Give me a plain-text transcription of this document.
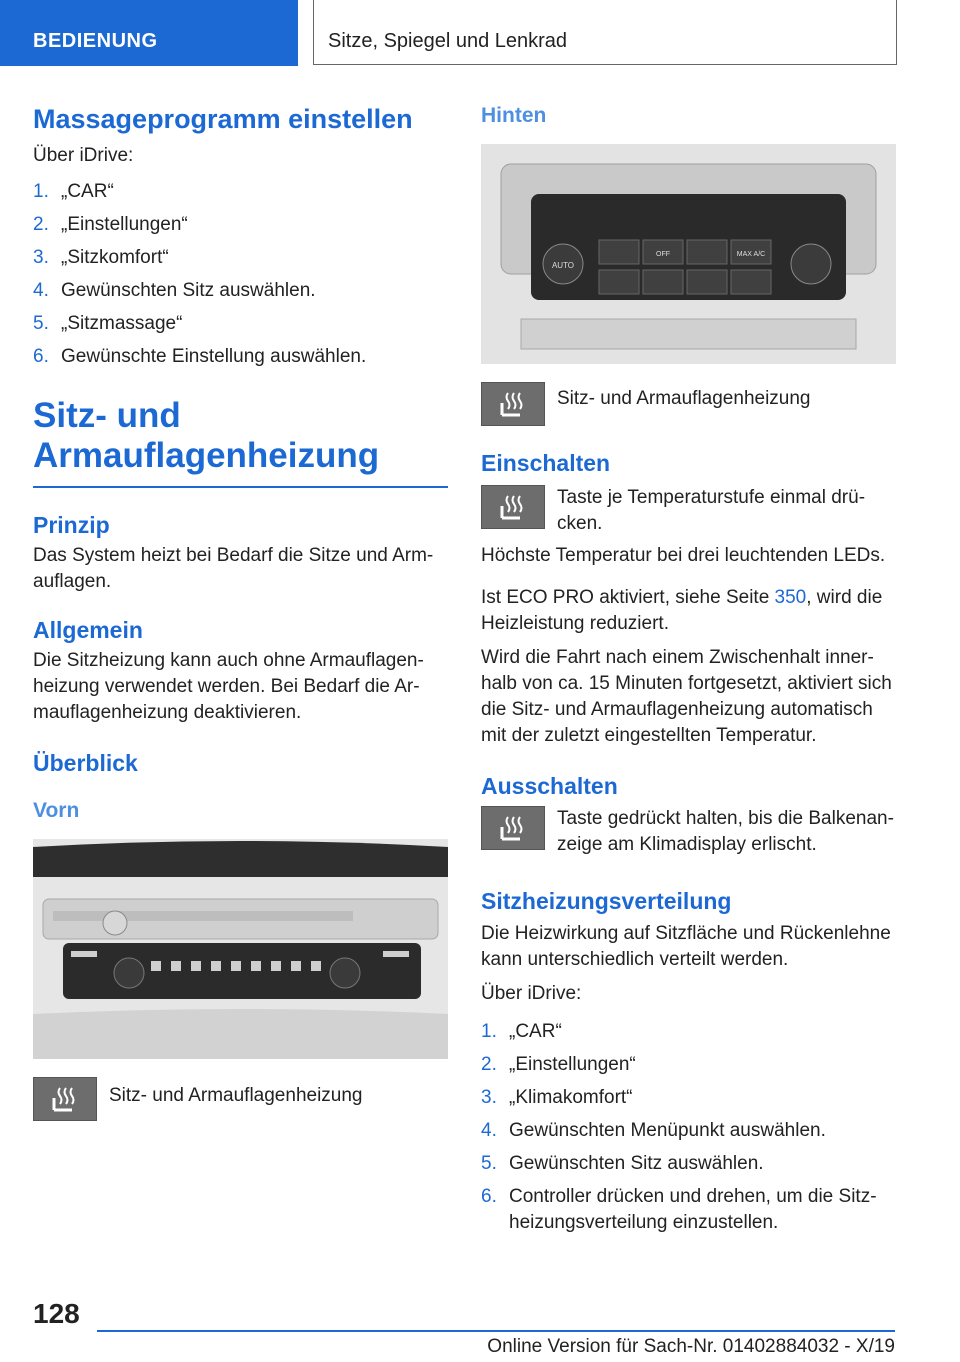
BEDIENUNG	Sitze, Spiegel und Lenkrad
Massageprogramm einstellen

Über iDrive:

1. „CAR“
2. „Einstellungen“
3. „Sitzkomfort“
4. Gewünschten Sitz auswählen.
5. „Sitzmassage“
6. Gewünschte Einstellung auswählen.
Sitz- und
Armauflagenheizung
Prinzip

Das System heizt bei Bedarf die Sitze und Armauflagen.

Allgemein

Die Sitzheizung kann auch ohne Armauflagenheizung verwendet werden. Bei Bedarf die Armauflagenheizung deaktivieren.

Überblick
Vorn

Sitz- und Armauflagenheizung

Hinten
AUTO
OFF	MAX A/C

Sitz- und Armauflagenheizung

Einschalten

Taste je Temperaturstufe einmal drücken.

Höchste Temperatur bei drei leuchtenden LEDs.

Ist ECO PRO aktiviert, siehe Seite 350, wird die Heizleistung reduziert.

Wird die Fahrt nach einem Zwischenhalt innerhalb von ca. 15 Minuten fortgesetzt, aktiviert sich die Sitz- und Armauflagenheizung automatisch mit der zuletzt eingestellten Temperatur.

Ausschalten

Taste gedrückt halten, bis die Balkenanzeige am Klimadisplay erlischt.

Sitzheizungsverteilung

Die Heizwirkung auf Sitzfläche und Rückenlehne kann unterschiedlich verteilt werden.

Über iDrive:

1. „CAR“
2. „Einstellungen“
3. „Klimakomfort“
4. Gewünschten Menüpunkt auswählen.
5. Gewünschten Sitz auswählen.
6. Controller drücken und drehen, um die Sitzheizungsverteilung einzustellen.
128
Online Version für Sach-Nr. 01402884032 - X/19
